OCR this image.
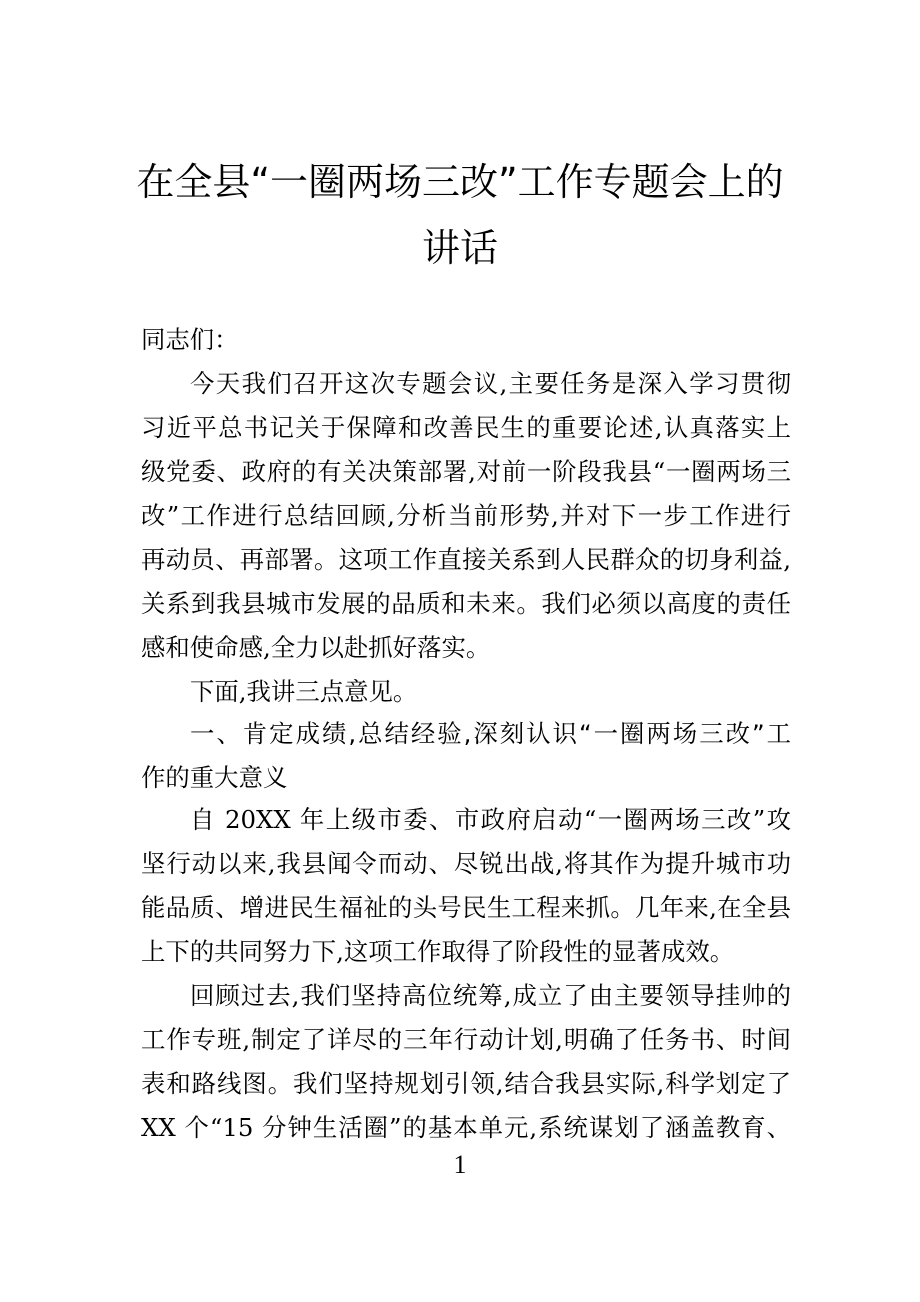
在全县“一圈两场三改”工作专题会上的
讲话
同志们：
今天我们召开这次专题会议,主要任务是深入学习贯彻
习近平总书记关于保障和改善民生的重要论述,认真落实上
级党委、政府的有关决策部署,对前一阶段我县“一圈两场三
改”工作进行总结回顾,分析当前形势,并对下一步工作进行
再动员、再部署。这项工作直接关系到人民群众的切身利益,
关系到我县城市发展的品质和未来。我们必须以高度的责任
感和使命感,全力以赴抓好落实。
下面,我讲三点意见。
一、肯定成绩,总结经验,深刻认识“一圈两场三改”工
作的重大意义
自 20XX 年上级市委、市政府启动“一圈两场三改”攻
坚行动以来,我县闻令而动、尽锐出战,将其作为提升城市功
能品质、增进民生福祉的头号民生工程来抓。几年来,在全县
上下的共同努力下,这项工作取得了阶段性的显著成效。
回顾过去,我们坚持高位统筹,成立了由主要领导挂帅的
工作专班,制定了详尽的三年行动计划,明确了任务书、时间
表和路线图。我们坚持规划引领,结合我县实际,科学划定了
XX 个“15 分钟生活圈”的基本单元,系统谋划了涵盖教育、
1
